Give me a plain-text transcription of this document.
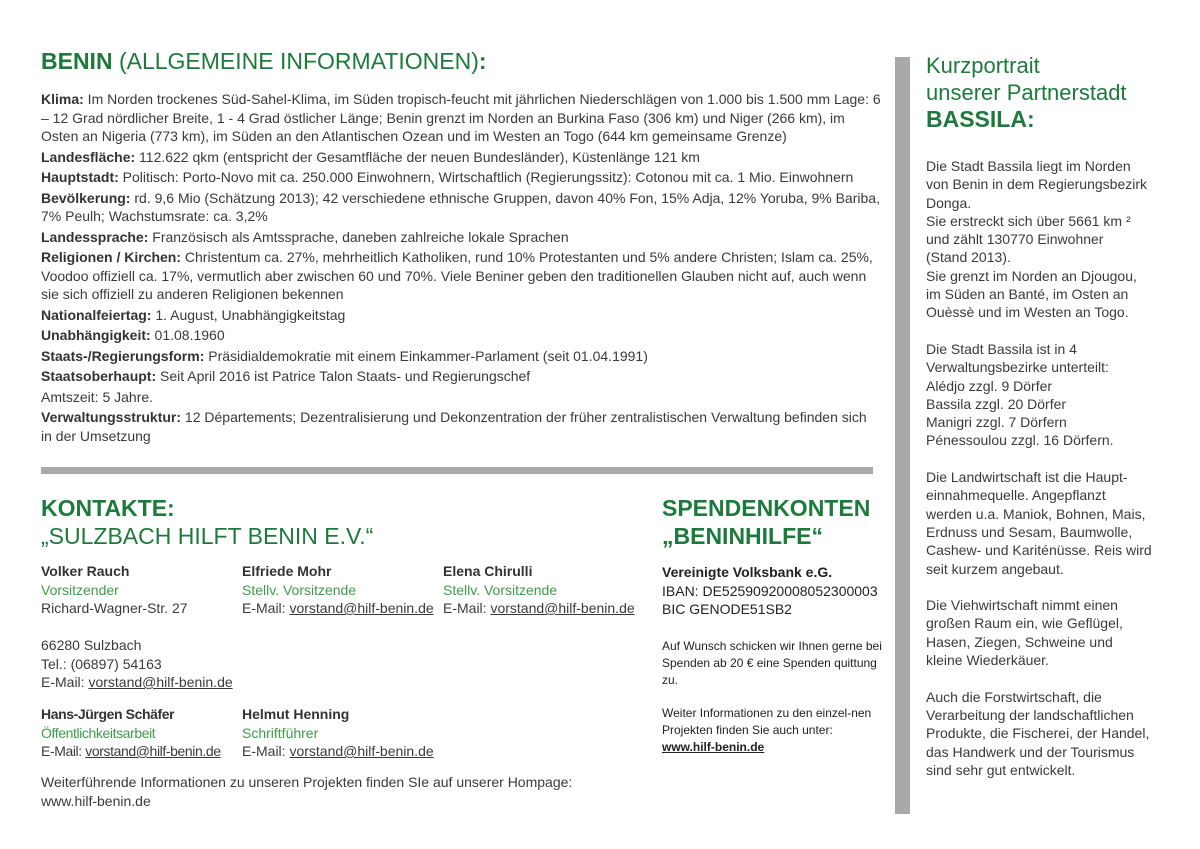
BENIN (ALLGEMEINE INFORMATIONEN):
Klima: Im Norden trockenes Süd-Sahel-Klima, im Süden tropisch-feucht mit jährlichen Niederschlägen von 1.000 bis 1.500 mm Lage: 6 – 12 Grad nördlicher Breite, 1 - 4 Grad östlicher Länge; Benin grenzt im Norden an Burkina Faso (306 km) und Niger (266 km), im Osten an Nigeria (773 km), im Süden an den Atlantischen Ozean und im Westen an Togo (644 km gemeinsame Grenze)
Landesfläche: 112.622 qkm (entspricht der Gesamtfläche der neuen Bundesländer), Küstenlänge 121 km
Hauptstadt: Politisch: Porto-Novo mit ca. 250.000 Einwohnern, Wirtschaftlich (Regierungssitz): Cotonou mit ca. 1 Mio. Einwohnern
Bevölkerung: rd. 9,6 Mio (Schätzung 2013); 42 verschiedene ethnische Gruppen, davon 40% Fon, 15% Adja, 12% Yoruba, 9% Bariba, 7% Peulh; Wachstumsrate: ca. 3,2%
Landessprache: Französisch als Amtssprache, daneben zahlreiche lokale Sprachen
Religionen / Kirchen: Christentum ca. 27%, mehrheitlich Katholiken, rund 10% Protestanten und 5% andere Christen; Islam ca. 25%, Voodoo offiziell ca. 17%, vermutlich aber zwischen 60 und 70%. Viele Beniner geben den traditionellen Glauben nicht auf, auch wenn sie sich offiziell zu anderen Religionen bekennen
Nationalfeiertag: 1. August, Unabhängigkeitstag
Unabhängigkeit: 01.08.1960
Staats-/Regierungsform: Präsidialdemokratie mit einem Einkammer-Parlament (seit 01.04.1991)
Staatsoberhaupt: Seit April 2016 ist Patrice Talon Staats- und Regierungschef
Amtszeit: 5 Jahre.
Verwaltungsstruktur: 12 Départements; Dezentralisierung und Dekonzentration der früher zentralistischen Verwaltung befinden sich in der Umsetzung
KONTAKTE:
„SULZBACH HILFT BENIN E.V.“
Volker Rauch
Vorsitzender
Richard-Wagner-Str. 27
66280 Sulzbach
Tel.: (06897) 54163
E-Mail: vorstand@hilf-benin.de
Elfriede Mohr
Stellv. Vorsitzende
E-Mail: vorstand@hilf-benin.de
Elena Chirulli
Stellv. Vorsitzende
E-Mail: vorstand@hilf-benin.de
Hans-Jürgen Schäfer
Öffentlichkeitsarbeit
E-Mail: vorstand@hilf-benin.de
Helmut Henning
Schriftführer
E-Mail: vorstand@hilf-benin.de
Weiterführende Informationen zu unseren Projekten finden SIe auf unserer Hompage:
www.hilf-benin.de
SPENDENKONTEN
„BENINHILFE“
Vereinigte Volksbank e.G.
IBAN: DE52590920008052300003
BIC GENODE51SB2
Auf Wunsch schicken wir Ihnen gerne bei Spenden ab 20 € eine Spenden quittung zu.
Weiter Informationen zu den einzel-nen Projekten finden Sie auch unter:
www.hilf-benin.de
Kurzportrait
unserer Partnerstadt
BASSILA:

Die Stadt Bassila liegt im Norden
von Benin in dem Regierungsbezirk
Donga.
Sie erstreckt sich über 5661 km ²
und zählt 130770 Einwohner
(Stand 2013).
Sie grenzt im Norden an Djougou,
im Süden an Banté, im Osten an
Ouèssè und im Westen an Togo.

Die Stadt Bassila ist in 4
Verwaltungsbezirke unterteilt:
Alédjo zzgl. 9 Dörfer
Bassila zzgl. 20 Dörfer
Manigri zzgl. 7 Dörfern
Pénessoulou zzgl. 16 Dörfern.

Die Landwirtschaft ist die Haupt-
einnahmequelle. Angepflanzt
werden u.a. Maniok, Bohnen, Mais,
Erdnuss und Sesam, Baumwolle,
Cashew- und Kariténüsse. Reis wird
seit kurzem angebaut.

Die Viehwirtschaft nimmt einen
großen Raum ein, wie Geflügel,
Hasen, Ziegen, Schweine und
kleine Wiederkäuer.

Auch die Forstwirtschaft, die
Verarbeitung der landschaftlichen
Produkte, die Fischerei, der Handel,
das Handwerk und der Tourismus
sind sehr gut entwickelt.
